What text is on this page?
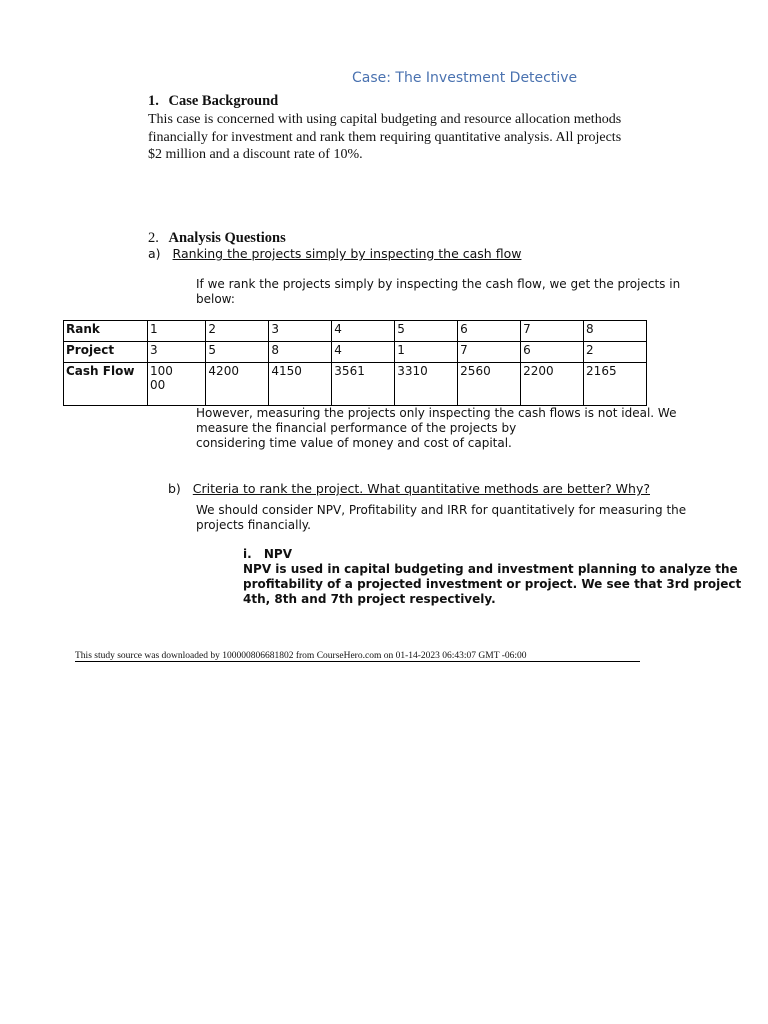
Case: The Investment Detective
1. Case Background
This case is concerned with using capital budgeting and resource allocation methods
financially for investment and rank them requiring quantitative analysis. All projects
$2 million and a discount rate of 10%.
2. Analysis Questions
a) Ranking the projects simply by inspecting the cash flow
If we rank the projects simply by inspecting the cash flow, we get the projects in
below:
Rank	1	2	3	4	5	6	7	8
Project	3	5	8	4	1	7	6	2
Cash Flow	10000	4200	4150	3561	3310	2560	2200	2165
However, measuring the projects only inspecting the cash flows is not ideal. We
measure the financial performance of the projects by
considering time value of money and cost of capital.
b) Criteria to rank the project. What quantitative methods are better? Why?
We should consider NPV, Profitability and IRR for quantitatively for measuring the
projects financially.
i. NPV
NPV is used in capital budgeting and investment planning to analyze the
profitability of a projected investment or project. We see that 3rd project
4th, 8th and 7th project respectively.
This study source was downloaded by 100000806681802 from CourseHero.com on 01-14-2023 06:43:07 GMT -06:00
